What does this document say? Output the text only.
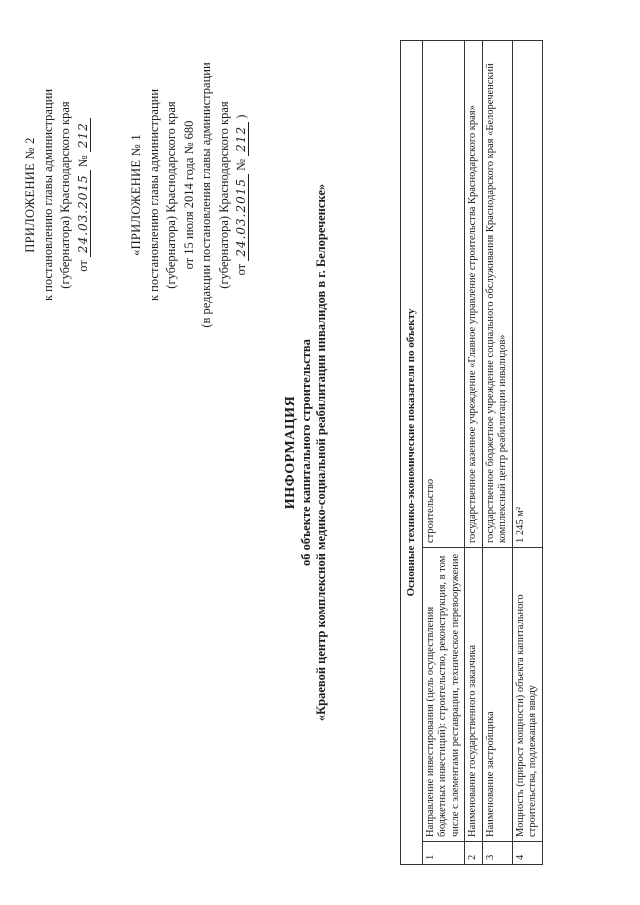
ПРИЛОЖЕНИЕ № 2 к постановлению главы администрации (губернатора) Краснодарского края от 24.03.2015 № 212	«ПРИЛОЖЕНИЕ № 1 к постановлению главы администрации (губернатора) Краснодарского края от 15 июля 2014 года № 680 (в редакции постановления главы администрации (губернатора) Краснодарского края от 24.03.2015 № 212 )
ИНФОРМАЦИЯ об объекте капитального строительства «Краевой центр комплексной медико-социальной реабилитации инвалидов в г. Белореченске»	Основные технико-экономические показатели по объекту		
1	Направление инвестирования (цель осуществления бюджетных инвестиций): строительство, реконструкция, в том числе с элементами реставрации, техническое перевооружение	строительство
2	Наименование государственного заказчика	государственное казенное учреждение «Главное управление строительства Краснодарского края»
3	Наименование застройщика	государственное бюджетное учреждение социального обслуживания Краснодарского края «Белореченский комплексный центр реабилитации инвалидов»
4	Мощность (прирост мощности) объекта капитального строительства, подлежащая вводу	1 245 м²
